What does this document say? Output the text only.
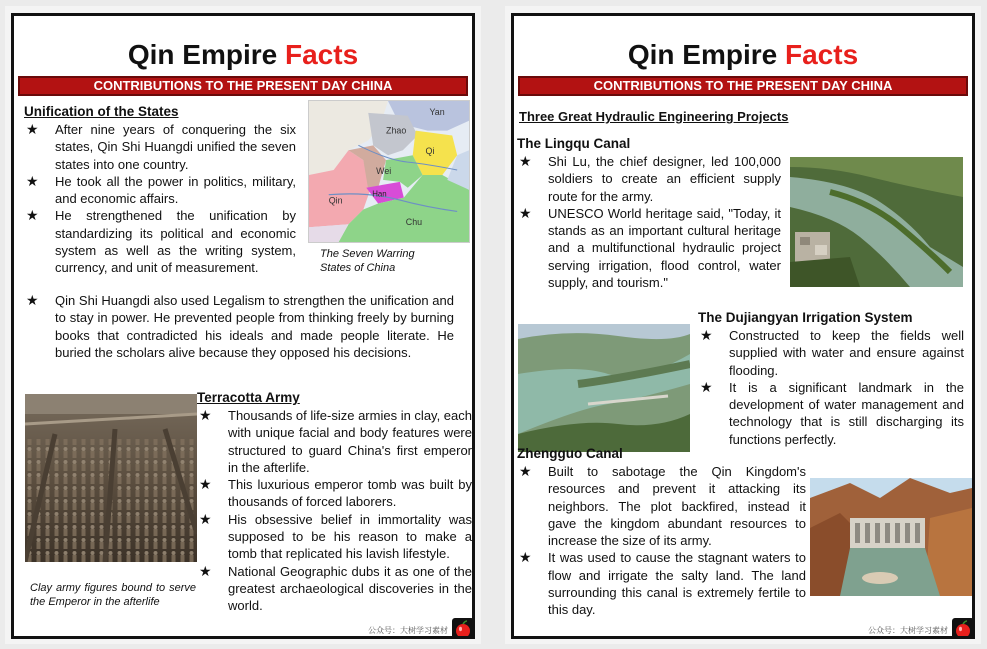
Qin Empire Facts
CONTRIBUTIONS TO THE PRESENT DAY CHINA
Unification of the States
★ After nine years of conquering the six states, Qin Shi Huangdi unified the seven states into one country.
★ He took all the power in politics, military, and economic affairs.
★ He strengthened the unification by standardizing its political and economic system as well as the writing system, currency, and unit of measurement.
Yan
Zhao
Qi
Wei
Han
Qin
Chu
The Seven Warring States of China
★ Qin Shi Huangdi also used Legalism to strengthen the unification and to stay in power. He prevented people from thinking freely by burning books that contradicted his ideals and made people literate. He buried the scholars alive because they opposed his decisions.
Clay army figures bound to serve the Emperor in the afterlife
Terracotta Army
★ Thousands of life-size armies in clay, each with unique facial and body features were structured to guard China's first emperor in the afterlife.
★ This luxurious emperor tomb was built by thousands of forced laborers.
★ His obsessive belief in immortality was supposed to be his reason to make a tomb that replicated his lavish lifestyle.
★ National Geographic dubs it as one of the greatest archaeological discoveries in the world.
公众号：大树学习素材
Qin Empire Facts
CONTRIBUTIONS TO THE PRESENT DAY CHINA
Three Great Hydraulic Engineering Projects
The Lingqu Canal
★ Shi Lu, the chief designer, led 100,000 soldiers to create an efficient supply route for the army.
★ UNESCO World heritage said, "Today, it stands as an important cultural heritage and a multifunctional hydraulic project serving irrigation, flood control, water supply, and tourism."
The Dujiangyan Irrigation System
★ Constructed to keep the fields well supplied with water and ensure against flooding.
★ It is a significant landmark in the development of water management and technology that is still discharging its functions perfectly.
Zhengguo Canal
★ Built to sabotage the Qin Kingdom's resources and prevent it attacking its neighbors. The plot backfired, instead it gave the kingdom abundant resources to increase the size of its army.
★ It was used to cause the stagnant waters to flow and irrigate the salty land. The land surrounding this canal is extremely fertile to this day.
公众号：大树学习素材
